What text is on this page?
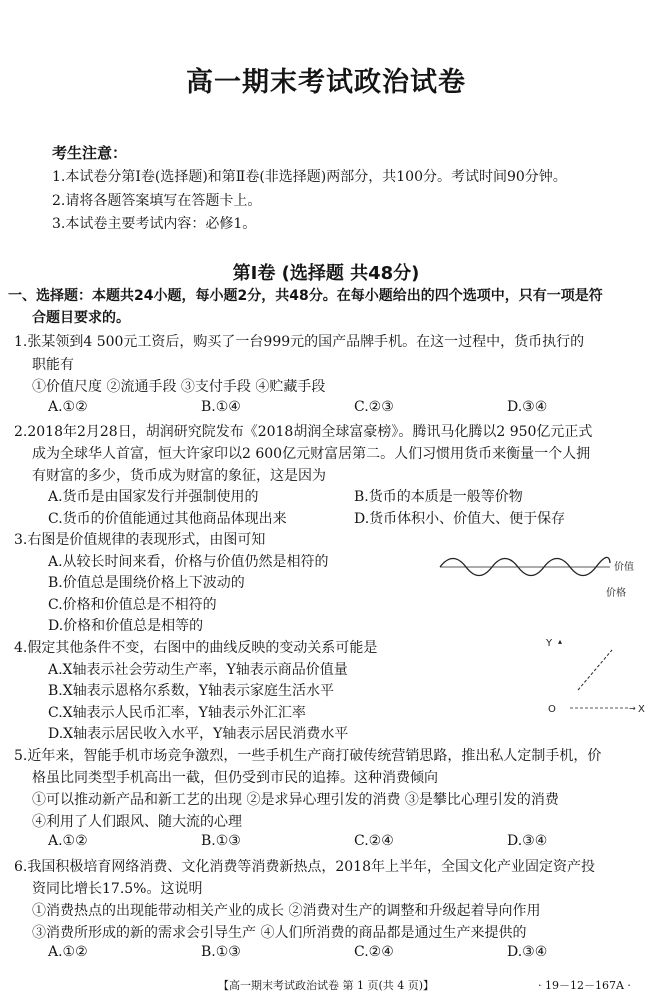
高一期末考试政治试卷
考生注意：
1.本试卷分第Ⅰ卷(选择题)和第Ⅱ卷(非选择题)两部分，共100分。考试时间90分钟。
2.请将各题答案填写在答题卡上。
3.本试卷主要考试内容：必修1。
第Ⅰ卷 (选择题 共48分)
一、选择题：本题共24小题，每小题2分，共48分。在每小题给出的四个选项中，只有一项是符
合题目要求的。
1.张某领到4 500元工资后，购买了一台999元的国产品牌手机。在这一过程中，货币执行的
职能有
①价值尺度 ②流通手段 ③支付手段 ④贮藏手段
A.①②	B.①④	C.②③	D.③④
2.2018年2月28日，胡润研究院发布《2018胡润全球富豪榜》。腾讯马化腾以2 950亿元正式
成为全球华人首富，恒大许家印以2 600亿元财富居第二。人们习惯用货币来衡量一个人拥
有财富的多少，货币成为财富的象征，这是因为
A.货币是由国家发行并强制使用的	B.货币的本质是一般等价物
C.货币的价值能通过其他商品体现出来	D.货币体积小、价值大、便于保存
3.右图是价值规律的表现形式，由图可知
A.从较长时间来看，价格与价值仍然是相符的
B.价值总是围绕价格上下波动的
C.价格和价值总是不相符的
D.价格和价值总是相等的
价值
价格
4.假定其他条件不变，右图中的曲线反映的变动关系可能是
A.X轴表示社会劳动生产率，Y轴表示商品价值量
B.X轴表示恩格尔系数，Y轴表示家庭生活水平
C.X轴表示人民币汇率，Y轴表示外汇汇率
D.X轴表示居民收入水平，Y轴表示居民消费水平
Y ▴
→ X
O
5.近年来，智能手机市场竞争激烈，一些手机生产商打破传统营销思路，推出私人定制手机，价
格虽比同类型手机高出一截，但仍受到市民的追捧。这种消费倾向
①可以推动新产品和新工艺的出现 ②是求异心理引发的消费 ③是攀比心理引发的消费
④利用了人们跟风、随大流的心理
A.①②	B.①③	C.②④	D.③④
6.我国积极培育网络消费、文化消费等消费新热点，2018年上半年，全国文化产业固定资产投
资同比增长17.5%。这说明
①消费热点的出现能带动相关产业的成长 ②消费对生产的调整和升级起着导向作用
③消费所形成的新的需求会引导生产 ④人们所消费的商品都是通过生产来提供的
A.①②	B.①③	C.②④	D.③④
【高一期末考试政治试卷 第 1 页(共 4 页)】	· 19－12－167A ·
